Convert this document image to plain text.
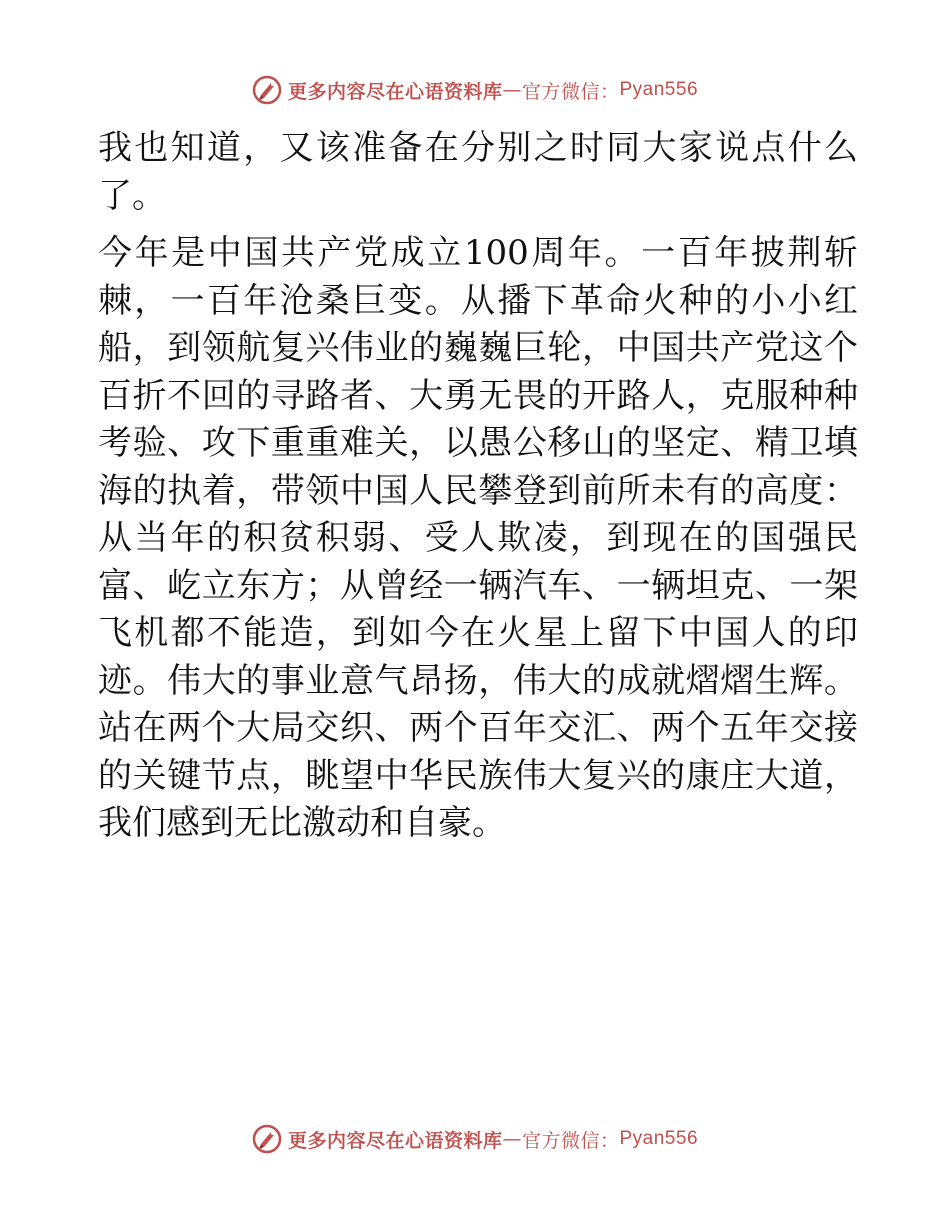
更多内容尽在心语资料库 — 官方微信： Pyan556

我也知道，又该准备在分别之时同大家说点什么了。

今年是中国共产党成立100周年。一百年披荆斩棘，一百年沧桑巨变。从播下革命火种的小小红船，到领航复兴伟业的巍巍巨轮，中国共产党这个百折不回的寻路者、大勇无畏的开路人，克服种种考验、攻下重重难关，以愚公移山的坚定、精卫填海的执着，带领中国人民攀登到前所未有的高度：从当年的积贫积弱、受人欺凌，到现在的国强民富、屹立东方；从曾经一辆汽车、一辆坦克、一架飞机都不能造，到如今在火星上留下中国人的印迹。伟大的事业意气昂扬，伟大的成就熠熠生辉。站在两个大局交织、两个百年交汇、两个五年交接的关键节点，眺望中华民族伟大复兴的康庄大道，我们感到无比激动和自豪。

更多内容尽在心语资料库 — 官方微信： Pyan556
